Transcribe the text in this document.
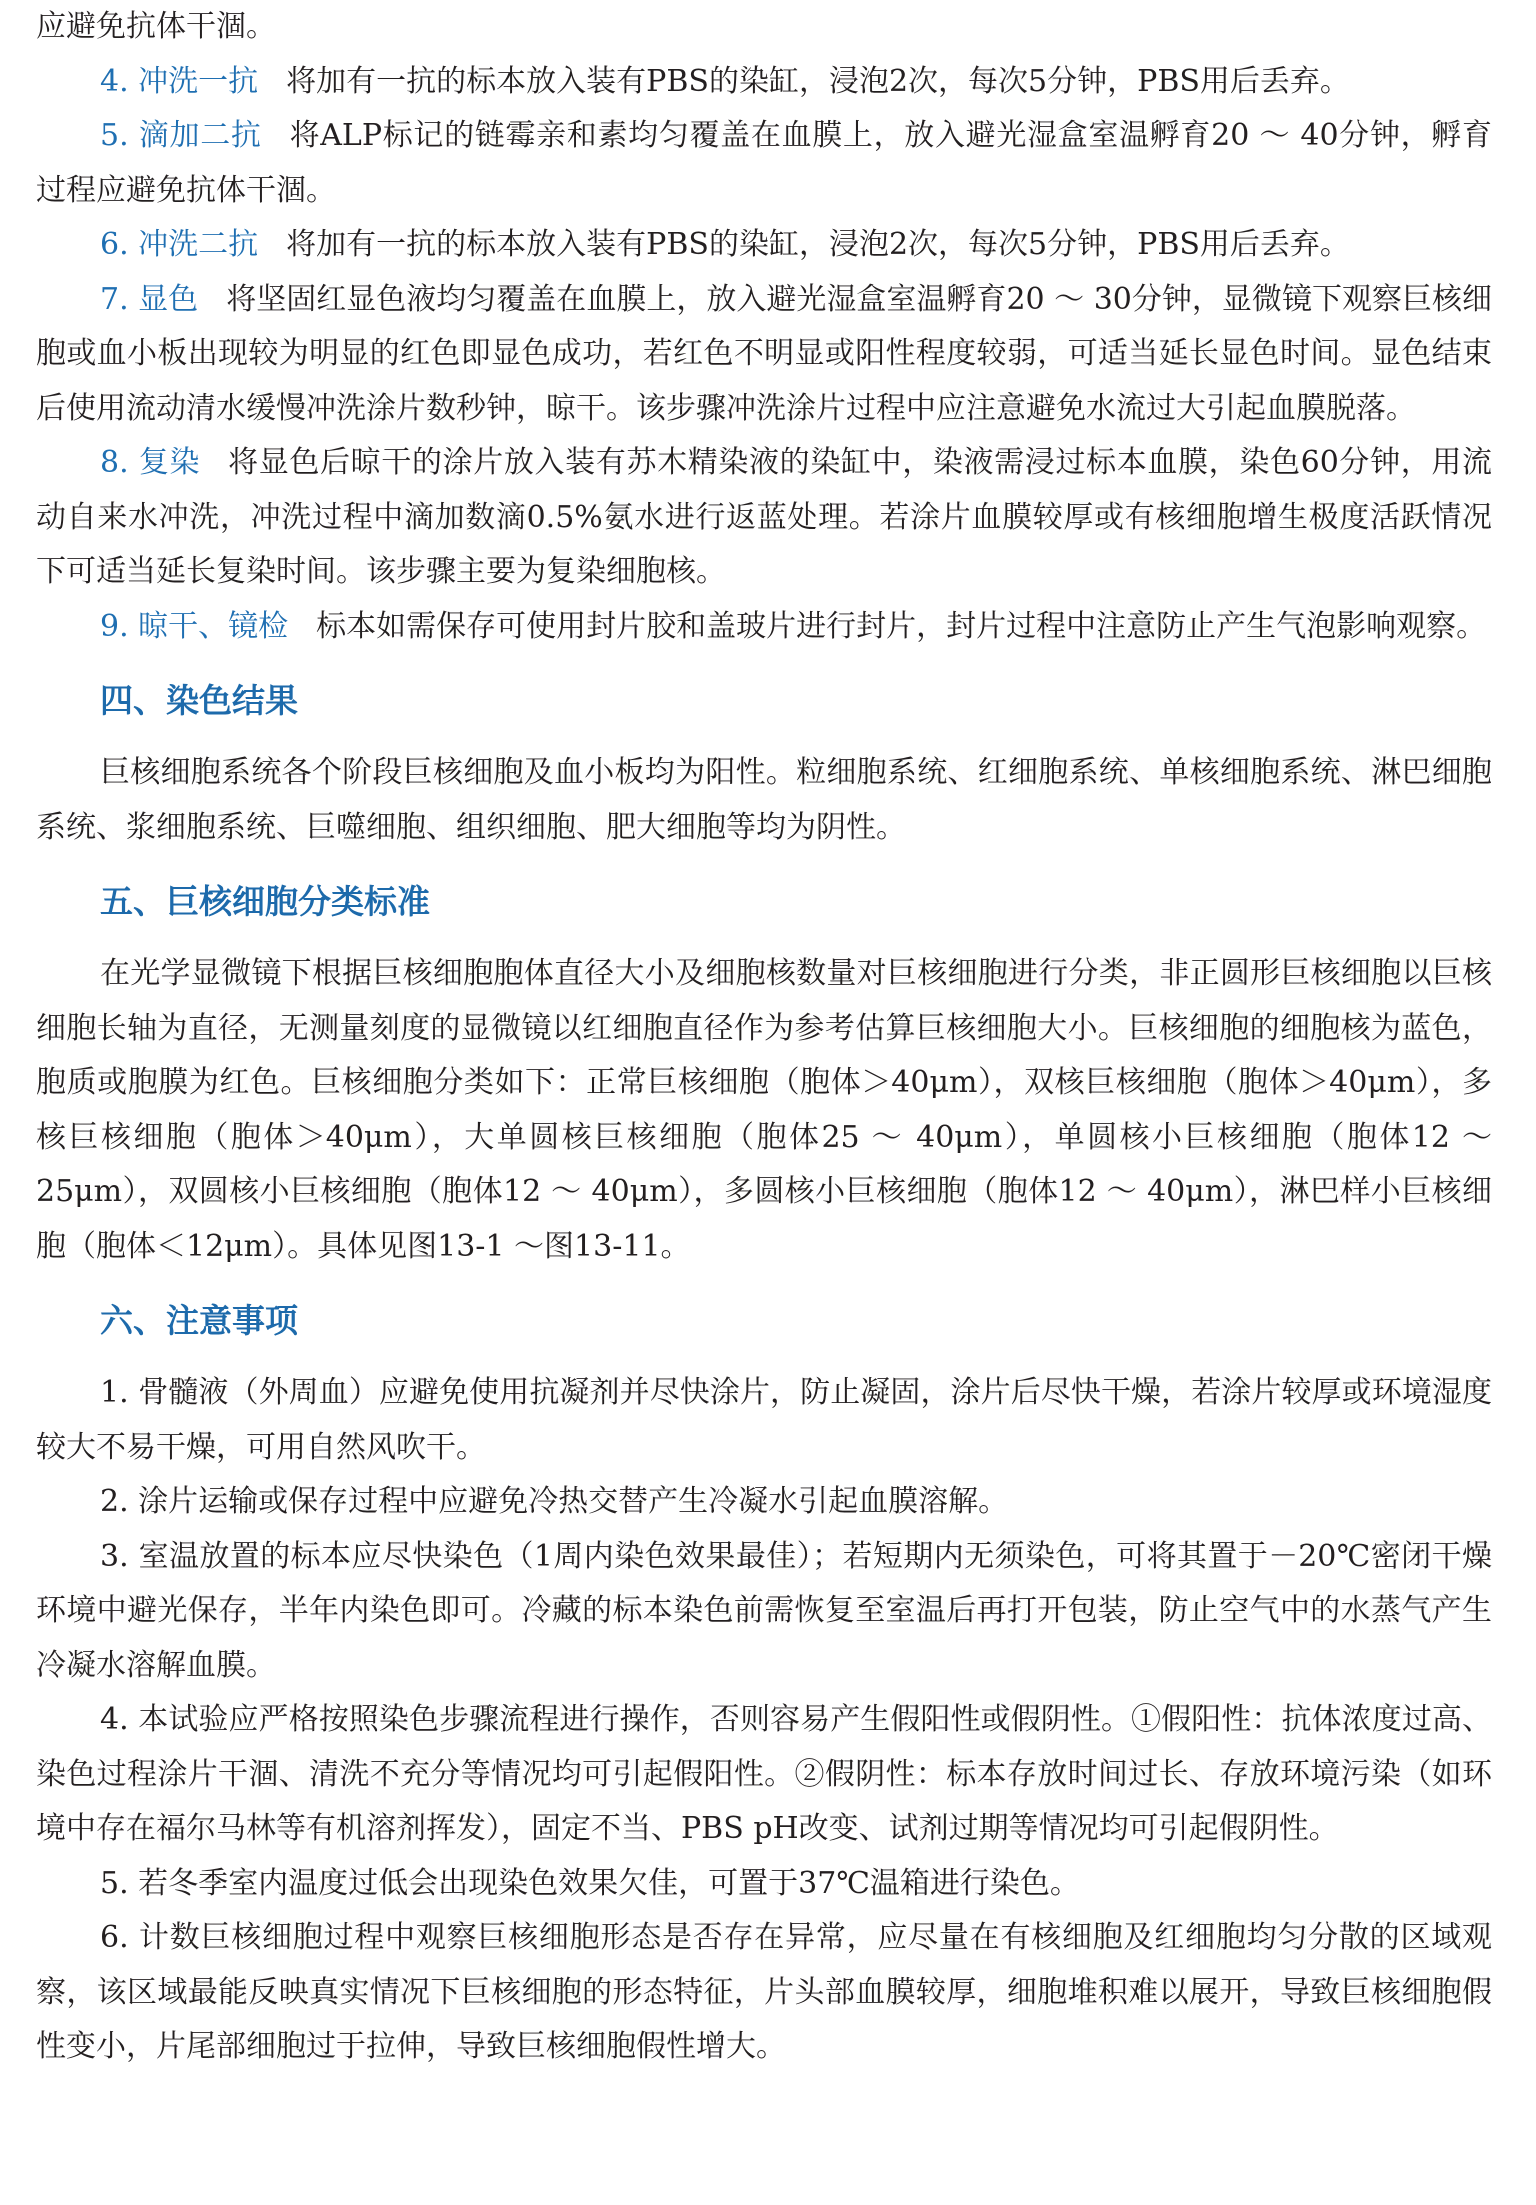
应避免抗体干涸。

4. 冲洗一抗 将加有一抗的标本放入装有PBS的染缸，浸泡2次，每次5分钟，PBS用后丢弃。

5. 滴加二抗 将ALP标记的链霉亲和素均匀覆盖在血膜上，放入避光湿盒室温孵育20 ～ 40分钟，孵育过程应避免抗体干涸。

6. 冲洗二抗 将加有一抗的标本放入装有PBS的染缸，浸泡2次，每次5分钟，PBS用后丢弃。

7. 显色 将坚固红显色液均匀覆盖在血膜上，放入避光湿盒室温孵育20 ～ 30分钟，显微镜下观察巨核细胞或血小板出现较为明显的红色即显色成功，若红色不明显或阳性程度较弱，可适当延长显色时间。显色结束后使用流动清水缓慢冲洗涂片数秒钟，晾干。该步骤冲洗涂片过程中应注意避免水流过大引起血膜脱落。

8. 复染 将显色后晾干的涂片放入装有苏木精染液的染缸中，染液需浸过标本血膜，染色60分钟，用流动自来水冲洗，冲洗过程中滴加数滴0.5%氨水进行返蓝处理。若涂片血膜较厚或有核细胞增生极度活跃情况下可适当延长复染时间。该步骤主要为复染细胞核。

9. 晾干、镜检 标本如需保存可使用封片胶和盖玻片进行封片，封片过程中注意防止产生气泡影响观察。

四、染色结果

巨核细胞系统各个阶段巨核细胞及血小板均为阳性。粒细胞系统、红细胞系统、单核细胞系统、淋巴细胞系统、浆细胞系统、巨噬细胞、组织细胞、肥大细胞等均为阴性。

五、巨核细胞分类标准

在光学显微镜下根据巨核细胞胞体直径大小及细胞核数量对巨核细胞进行分类，非正圆形巨核细胞以巨核细胞长轴为直径，无测量刻度的显微镜以红细胞直径作为参考估算巨核细胞大小。巨核细胞的细胞核为蓝色，胞质或胞膜为红色。巨核细胞分类如下：正常巨核细胞（胞体＞40μm），双核巨核细胞（胞体＞40μm），多核巨核细胞（胞体＞40μm），大单圆核巨核细胞（胞体25 ～ 40μm），单圆核小巨核细胞（胞体12 ～ 25μm），双圆核小巨核细胞（胞体12 ～ 40μm），多圆核小巨核细胞（胞体12 ～ 40μm），淋巴样小巨核细胞（胞体＜12μm）。具体见图13-1 ～图13-11。

六、注意事项

1. 骨髓液（外周血）应避免使用抗凝剂并尽快涂片，防止凝固，涂片后尽快干燥，若涂片较厚或环境湿度较大不易干燥，可用自然风吹干。

2. 涂片运输或保存过程中应避免冷热交替产生冷凝水引起血膜溶解。

3. 室温放置的标本应尽快染色（1周内染色效果最佳）；若短期内无须染色，可将其置于－20℃密闭干燥环境中避光保存，半年内染色即可。冷藏的标本染色前需恢复至室温后再打开包装，防止空气中的水蒸气产生冷凝水溶解血膜。

4. 本试验应严格按照染色步骤流程进行操作，否则容易产生假阳性或假阴性。①假阳性：抗体浓度过高、染色过程涂片干涸、清洗不充分等情况均可引起假阳性。②假阴性：标本存放时间过长、存放环境污染（如环境中存在福尔马林等有机溶剂挥发），固定不当、PBS pH改变、试剂过期等情况均可引起假阴性。

5. 若冬季室内温度过低会出现染色效果欠佳，可置于37℃温箱进行染色。

6. 计数巨核细胞过程中观察巨核细胞形态是否存在异常，应尽量在有核细胞及红细胞均匀分散的区域观察，该区域最能反映真实情况下巨核细胞的形态特征，片头部血膜较厚，细胞堆积难以展开，导致巨核细胞假性变小，片尾部细胞过于拉伸，导致巨核细胞假性增大。
